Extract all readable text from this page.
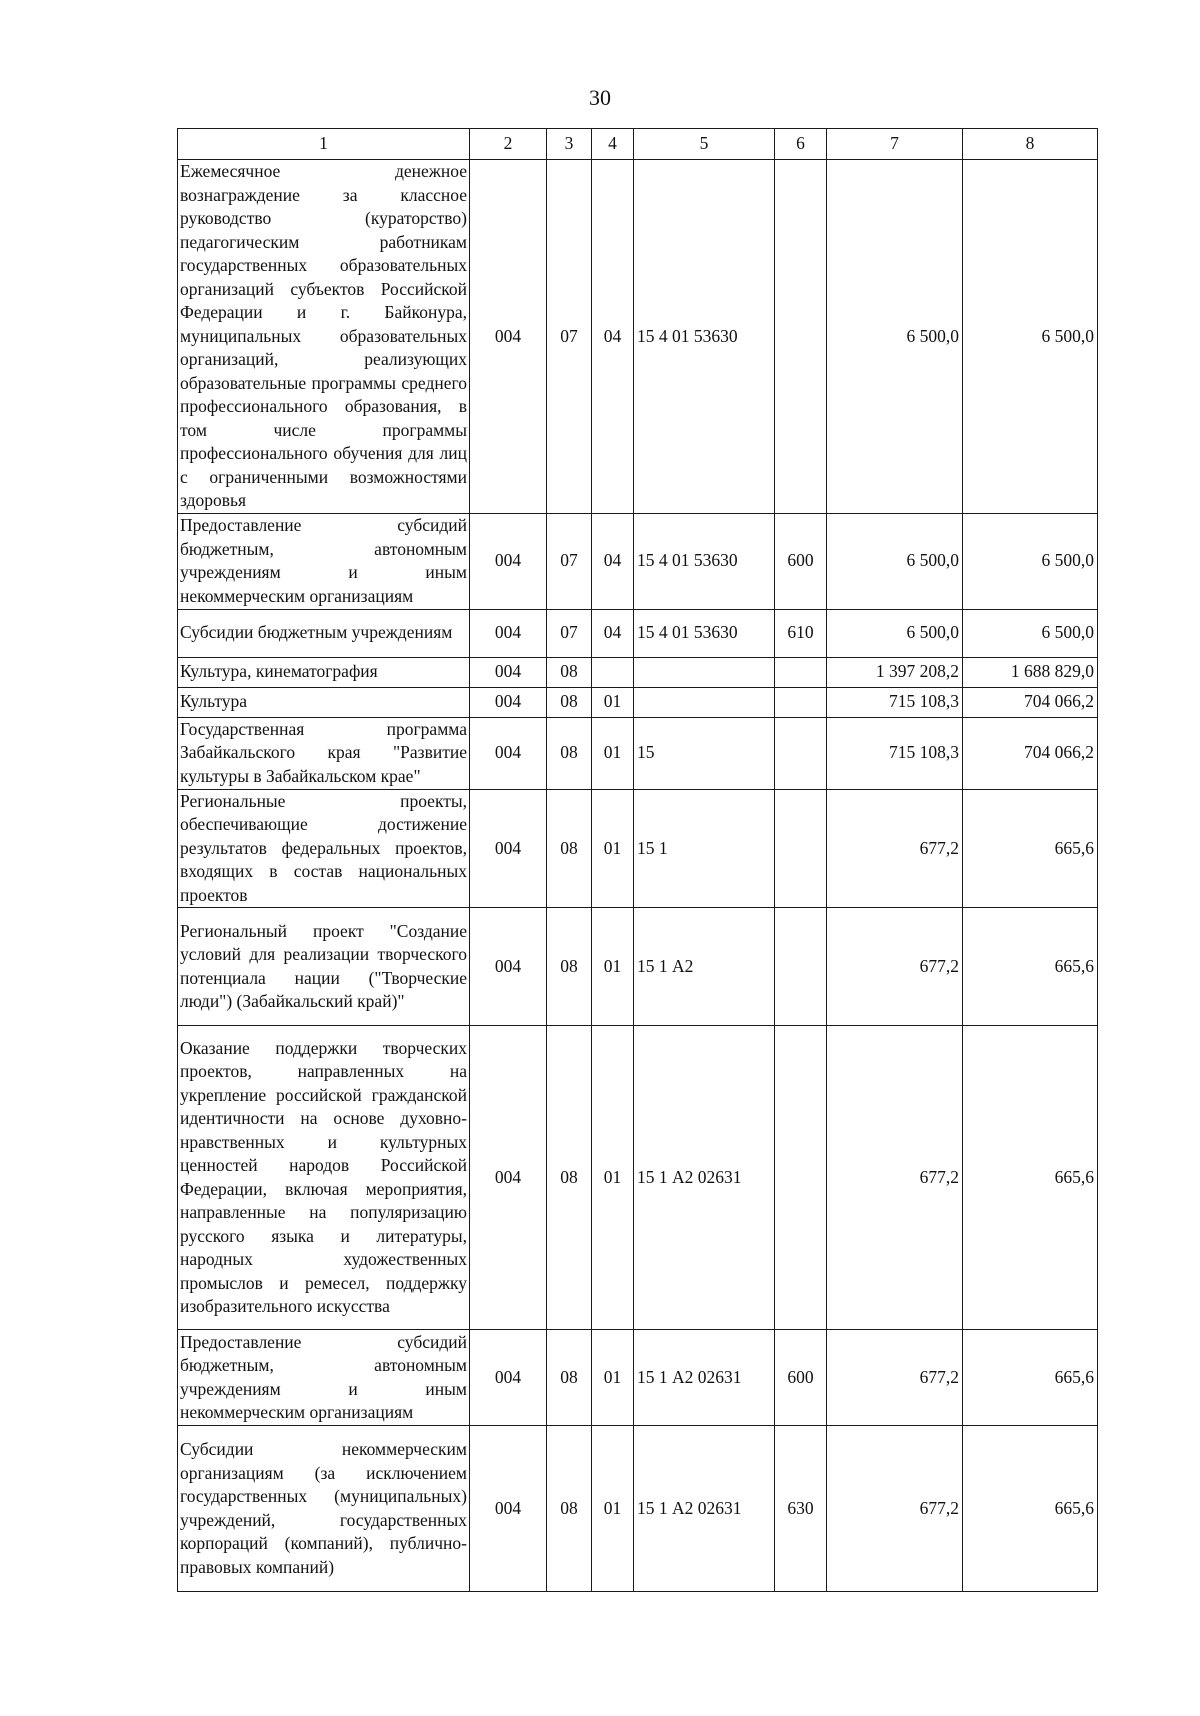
30
1	2	3	4	5	6	7	8
Ежемесячное денежное вознаграждение за классное руководство (кураторство) педагогическим работникам государственных образовательных организаций субъектов Российской Федерации и г. Байконура, муниципальных образовательных организаций, реализующих образовательные программы среднего профессионального образования, в том числе программы профессионального обучения для лиц с ограниченными возможностями здоровья	004	07	04	15 4 01 53630		6 500,0	6 500,0
Предоставление субсидий бюджетным, автономным учреждениям и иным некоммерческим организациям	004	07	04	15 4 01 53630	600	6 500,0	6 500,0
Субсидии бюджетным учреждениям	004	07	04	15 4 01 53630	610	6 500,0	6 500,0
Культура, кинематография	004	08				1 397 208,2	1 688 829,0
Культура	004	08	01			715 108,3	704 066,2
Государственная программа Забайкальского края "Развитие культуры в Забайкальском крае"	004	08	01	15		715 108,3	704 066,2
Региональные проекты, обеспечивающие достижение результатов федеральных проектов, входящих в состав национальных проектов	004	08	01	15 1		677,2	665,6
Региональный проект "Создание условий для реализации творческого потенциала нации ("Творческие люди") (Забайкальский край)"	004	08	01	15 1 А2		677,2	665,6
Оказание поддержки творческих проектов, направленных на укрепление российской гражданской идентичности на основе духовно-нравственных и культурных ценностей народов Российской Федерации, включая мероприятия, направленные на популяризацию русского языка и литературы, народных художественных промыслов и ремесел, поддержку изобразительного искусства	004	08	01	15 1 А2 02631		677,2	665,6
Предоставление субсидий бюджетным, автономным учреждениям и иным некоммерческим организациям	004	08	01	15 1 А2 02631	600	677,2	665,6
Субсидии некоммерческим организациям (за исключением государственных (муниципальных) учреждений, государственных корпораций (компаний), публично-правовых компаний)	004	08	01	15 1 А2 02631	630	677,2	665,6
